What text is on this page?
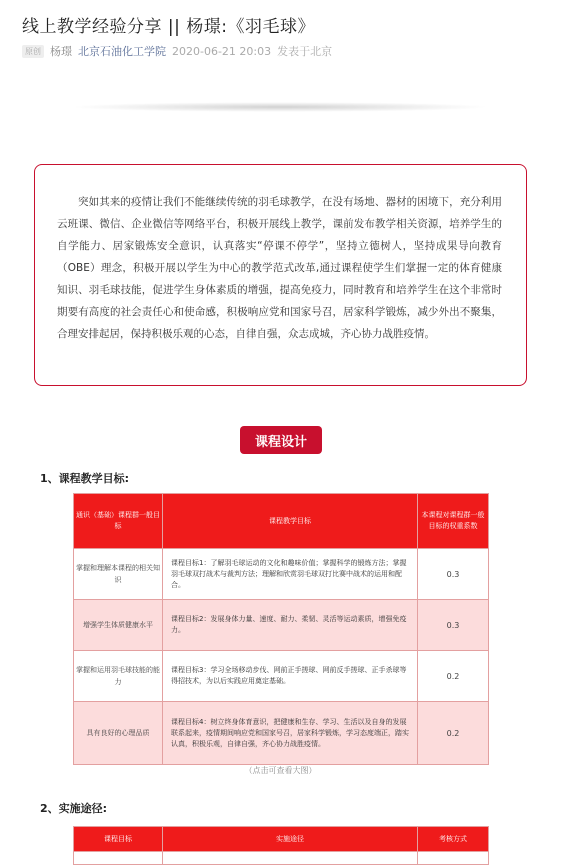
线上教学经验分享 || 杨璟:《羽毛球》
原创 杨璟 北京石油化工学院 2020-06-21 20:03 发表于北京

突如其来的疫情让我们不能继续传统的羽毛球教学，在没有场地、器材的困境下，充分利用云班课、微信、企业微信等网络平台，积极开展线上教学，课前发布教学相关资源，培养学生的自学能力、居家锻炼安全意识，认真落实“停课不停学”，坚持立德树人，坚持成果导向教育（OBE）理念，积极开展以学生为中心的教学范式改革,通过课程使学生们掌握一定的体育健康知识、羽毛球技能，促进学生身体素质的增强，提高免疫力，同时教育和培养学生在这个非常时期要有高度的社会责任心和使命感，积极响应党和国家号召，居家科学锻炼，减少外出不聚集，合理安排起居，保持积极乐观的心态，自律自强，众志成城，齐心协力战胜疫情。

课程设计
1、课程教学目标:
通识（基础）课程群一般目标	课程教学目标	本课程对课程群一般目标的权重系数
掌握和理解本课程的相关知识	课程目标1：了解羽毛球运动的文化和趣味价值；掌握科学的锻炼方法；掌握羽毛球双打战术与裁判方法；理解和欣赏羽毛球双打比赛中战术的运用和配合。	0.3
增强学生体质健康水平	课程目标2：发展身体力量、速度、耐力、柔韧、灵活等运动素质，增强免疫力。	0.3
掌握和运用羽毛球技能的能力	课程目标3：学习全场移动步伐、网前正手搓球、网前反手搓球、正手杀球等得招技术，为以后实践应用奠定基础。	0.2
具有良好的心理品质	课程目标4：树立终身体育意识，把健康和生存、学习、生活以及自身的发展联系起来，疫情期间响应党和国家号召，居家科学锻炼，学习态度端正，踏实认真，积极乐观，自律自强，齐心协力战胜疫情。	0.2
（点击可查看大图）
2、实施途径:
课程目标	实施途径	考核方式
